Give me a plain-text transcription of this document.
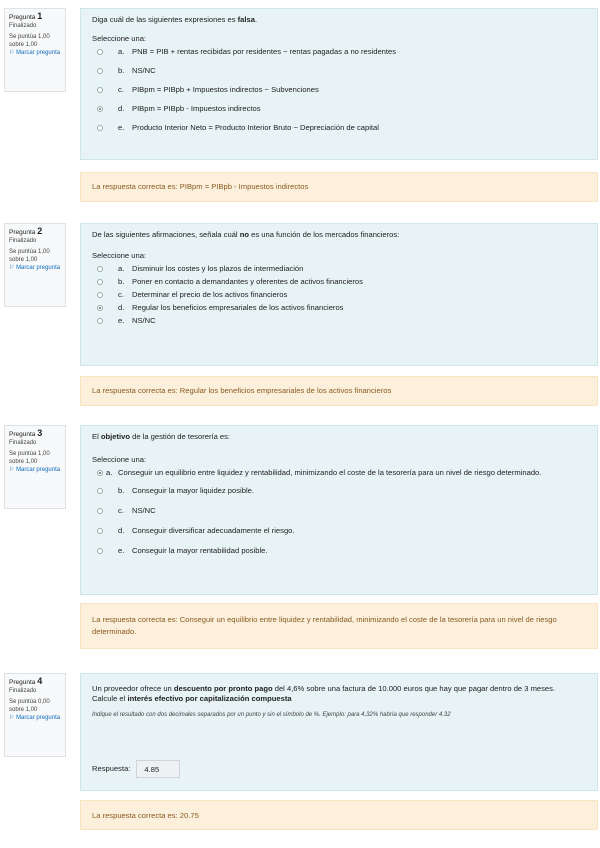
Pregunta 1
Finalizado
Se puntúa 1,00 sobre 1,00
⚐ Marcar pregunta
Diga cuál de las siguientes expresiones es falsa.
Seleccione una:
a. PNB = PIB + rentas recibidas por residentes − rentas pagadas a no residentes
b. NS/NC
c. PIBpm = PIBpb + Impuestos indirectos − Subvenciones
d. PIBpm = PIBpb - Impuestos indirectos
e. Producto Interior Neto = Producto Interior Bruto − Depreciación de capital
La respuesta correcta es: PIBpm = PIBpb - Impuestos indirectos
Pregunta 2
Finalizado
Se puntúa 1,00 sobre 1,00
⚐ Marcar pregunta
De las siguientes afirmaciones, señala cuál no es una función de los mercados financieros:
Seleccione una:
a. Disminuir los costes y los plazos de intermediación
b. Poner en contacto a demandantes y oferentes de activos financieros
c. Determinar el precio de los activos financieros
d. Regular los beneficios empresariales de los activos financieros
e. NS/NC
La respuesta correcta es: Regular los beneficios empresariales de los activos financieros
Pregunta 3
Finalizado
Se puntúa 1,00 sobre 1,00
⚐ Marcar pregunta
El objetivo de la gestión de tesorería es:
Seleccione una:
a. Conseguir un equilibrio entre liquidez y rentabilidad, minimizando el coste de la tesorería para un nivel de riesgo determinado.
b. Conseguir la mayor liquidez posible.
c. NS/NC
d. Conseguir diversificar adecuadamente el riesgo.
e. Conseguir la mayor rentabilidad posible.
La respuesta correcta es: Conseguir un equilibrio entre liquidez y rentabilidad, minimizando el coste de la tesorería para un nivel de riesgo determinado.
Pregunta 4
Finalizado
Se puntúa 0,00 sobre 1,00
⚐ Marcar pregunta
Un proveedor ofrece un descuento por pronto pago del 4,6% sobre una factura de 10.000 euros que hay que pagar dentro de 3 meses. Calcule el interés efectivo por capitalización compuesta
Indique el resultado con dos decimales separados por un punto y sin el símbolo de %. Ejemplo: para 4,32% habría que responder 4.32
Respuesta:	4.85
La respuesta correcta es: 20.75
